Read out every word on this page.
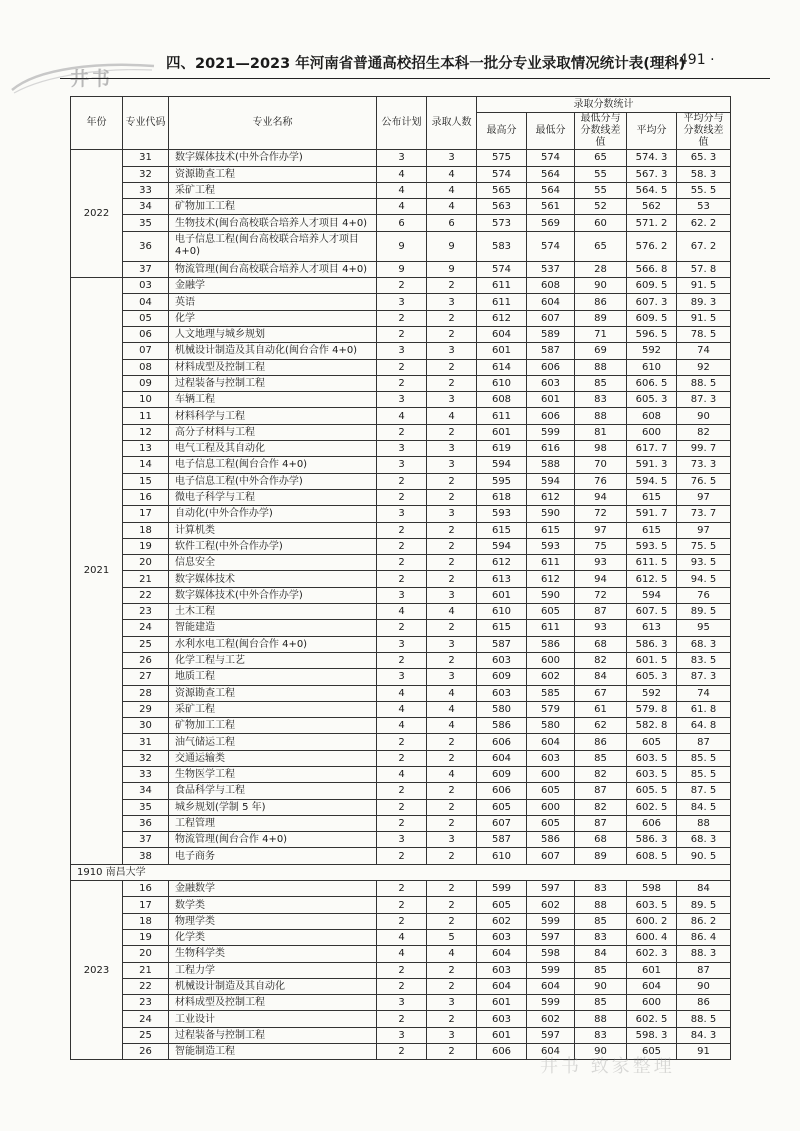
井书
四、2021—2023 年河南省普通高校招生本科一批分专业录取情况统计表(理科)
· 491 ·
年份	专业代码	专业名称	公布计划	录取人数	录取分数统计				
					最高分	最低分	最低分与分数线差值	平均分	平均分与分数线差值
2022	31	数字媒体技术(中外合作办学)	3	3	575	574	65	574. 3	65. 3
	32	资源勘查工程	4	4	574	564	55	567. 3	58. 3
	33	采矿工程	4	4	565	564	55	564. 5	55. 5
	34	矿物加工工程	4	4	563	561	52	562	53
	35	生物技术(闽台高校联合培养人才项目 4+0)	6	6	573	569	60	571. 2	62. 2
	36	电子信息工程(闽台高校联合培养人才项目 4+0)	9	9	583	574	65	576. 2	67. 2
	37	物流管理(闽台高校联合培养人才项目 4+0)	9	9	574	537	28	566. 8	57. 8
2021	03	金融学	2	2	611	608	90	609. 5	91. 5
	04	英语	3	3	611	604	86	607. 3	89. 3
	05	化学	2	2	612	607	89	609. 5	91. 5
	06	人文地理与城乡规划	2	2	604	589	71	596. 5	78. 5
	07	机械设计制造及其自动化(闽台合作 4+0)	3	3	601	587	69	592	74
	08	材料成型及控制工程	2	2	614	606	88	610	92
	09	过程装备与控制工程	2	2	610	603	85	606. 5	88. 5
	10	车辆工程	3	3	608	601	83	605. 3	87. 3
	11	材料科学与工程	4	4	611	606	88	608	90
	12	高分子材料与工程	2	2	601	599	81	600	82
	13	电气工程及其自动化	3	3	619	616	98	617. 7	99. 7
	14	电子信息工程(闽台合作 4+0)	3	3	594	588	70	591. 3	73. 3
	15	电子信息工程(中外合作办学)	2	2	595	594	76	594. 5	76. 5
	16	微电子科学与工程	2	2	618	612	94	615	97
	17	自动化(中外合作办学)	3	3	593	590	72	591. 7	73. 7
	18	计算机类	2	2	615	615	97	615	97
	19	软件工程(中外合作办学)	2	2	594	593	75	593. 5	75. 5
	20	信息安全	2	2	612	611	93	611. 5	93. 5
	21	数字媒体技术	2	2	613	612	94	612. 5	94. 5
	22	数字媒体技术(中外合作办学)	3	3	601	590	72	594	76
	23	土木工程	4	4	610	605	87	607. 5	89. 5
	24	智能建造	2	2	615	611	93	613	95
	25	水利水电工程(闽台合作 4+0)	3	3	587	586	68	586. 3	68. 3
	26	化学工程与工艺	2	2	603	600	82	601. 5	83. 5
	27	地质工程	3	3	609	602	84	605. 3	87. 3
	28	资源勘查工程	4	4	603	585	67	592	74
	29	采矿工程	4	4	580	579	61	579. 8	61. 8
	30	矿物加工工程	4	4	586	580	62	582. 8	64. 8
	31	油气储运工程	2	2	606	604	86	605	87
	32	交通运输类	2	2	604	603	85	603. 5	85. 5
	33	生物医学工程	4	4	609	600	82	603. 5	85. 5
	34	食品科学与工程	2	2	606	605	87	605. 5	87. 5
	35	城乡规划(学制 5 年)	2	2	605	600	82	602. 5	84. 5
	36	工程管理	2	2	607	605	87	606	88
	37	物流管理(闽台合作 4+0)	3	3	587	586	68	586. 3	68. 3
	38	电子商务	2	2	610	607	89	608. 5	90. 5
1910 南昌大学									
2023	16	金融数学	2	2	599	597	83	598	84
	17	数学类	2	2	605	602	88	603. 5	89. 5
	18	物理学类	2	2	602	599	85	600. 2	86. 2
	19	化学类	4	5	603	597	83	600. 4	86. 4
	20	生物科学类	4	4	604	598	84	602. 3	88. 3
	21	工程力学	2	2	603	599	85	601	87
	22	机械设计制造及其自动化	2	2	604	604	90	604	90
	23	材料成型及控制工程	3	3	601	599	85	600	86
	24	工业设计	2	2	603	602	88	602. 5	88. 5
	25	过程装备与控制工程	3	3	601	597	83	598. 3	84. 3
	26	智能制造工程	2	2	606	604	90	605	91
井书 致家整理
